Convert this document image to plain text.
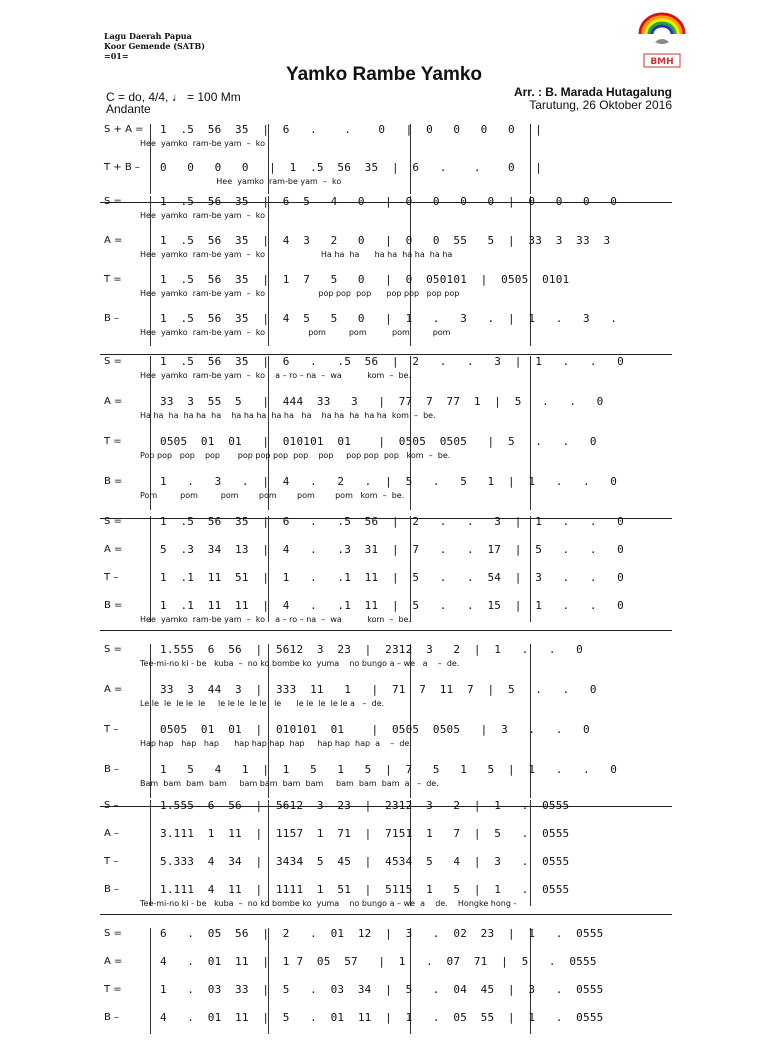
Lagu Daerah Papua
Koor Gemende (SATB)
=01=
BMH
Yamko Rambe Yamko
C = do, 4/4, ♩ = 100 Mm
Andante
Arr. : B. Marada Hutagalung
Tarutung, 26 Oktober 2016
S + A = 1  .5  56  35  |  6   .    .    0   |  0   0   0   0   |
Hee  yamko  ram-be yam  –  ko
T + B – 0   0   0   0   |  1  .5  56  35  |  6   .    .    0   |
Hee  yamko  ram-be yam  –  ko
S =	1  .5  56  35  |  6  5   4   0   |  0   0   0   0  |  0   0   0   0
Hee  yamko  ram-be yam  –  ko
A =	1  .5  56  35  |  4  3   2   0   |  0   0  55   5  |  33  3  33  3
Hee  yamko  ram-be yam  –  ko                      Ha ha  ha      ha ha  ha ha  ha ha
T =	1  .5  56  35  |  1  7   5   0   |  0  050101  |  0505  0101
Hee  yamko  ram-be yam  –  ko                     pop pop  pop      pop pop   pop pop
B –	1  .5  56  35  |  4  5   5   0   |  1   .   3   .  |  1   .   3   .
Hee  yamko  ram-be yam  –  ko                 pom         pom          pom         pom
S =	1  .5  56  35  |  6   .   .5  56  |  2   .   .   3  |  1   .   .   0
Hee  yamko  ram-be yam  –  ko    a – ro – na  –  wa          kom  –  be.
A =	33  3  55  5   |  444  33   3   |  77  7  77  1  |  5   .   .   0
Ha ha  ha  ha ha  ha    ha ha ha  ha ha   ha    ha ha  ha  ha ha  kom  –  be.
T =	0505  01  01   |  010101  01    |  0505  0505   |  5   .   .   0
Pop pop   pop    pop       pop pop pop  pop    pop     pop pop  pop   kom  –  be.
B =	1   .   3   .  |  4   .   2   .  |  5   .   5   1  |  1   .   .   0
Pom         pom         pom        pom        pom        pom   kom  –  be.
S =	1  .5  56  35  |  6   .   .5  56  |  2   .   .   3  |  1   .   .   0
A =	5  .3  34  13  |  4   .   .3  31  |  7   .   .  17  |  5   .   .   0
T –	1  .1  11  51  |  1   .   .1  11  |  5   .   .  54  |  3   .   .   0
B =	1  .1  11  11  |  4   .   .1  11  |  5   .   .  15  |  1   .   .   0
Hee  yamko  ram-be yam  –  ko    a – ro – na  –  wa          kom  –  be.
S =	1.555  6  56  |  5612  3  23  |  2312  3   2  |  1   .   .   0
Tee-mi-no ki - be   kuba  –  no ko bombe ko  yuma    no bungo a – we   a    –  de.
A =	33  3  44  3  |  333  11   1   |  71  7  11  7  |  5   .   .   0
Le le  le  le le  le     le le le  le le   le      le le  le  le le a   –  de.
T –	0505  01  01  |  010101  01    |  0505  0505   |  3   .   .   0
Hap hap   hap   hap      hap hap hap  hap     hap hap  hap  a    –  de.
B –	1   5   4   1  |  1   5   1   5  |  7   5   1   5  |  1   .   .   0
Bam  bam  bam  bam     bam bam  bam  bam     bam  bam  bam  a   –  de.
S –	1.555  6  56  |  5612  3  23  |  2312  3   2  |  1   .  0555
A –	3.111  1  11  |  1157  1  71  |  7151  1   7  |  5   .  0555
T –	5.333  4  34  |  3434  5  45  |  4534  5   4  |  3   .  0555
B –	1.111  4  11  |  1111  1  51  |  5115  1   5  |  1   .  0555
Tee-mi-no ki - be   kuba  –  no ko bombe ko  yuma    no bungo a – we  a    de.    Hongke hong -
S =	6   .  05  56  |  2   .  01  12  |  3   .  02  23  |  1   .  0555
A =	4   .  01  11  |  1 7  05  57   |  1   .  07  71  |  5   .  0555
T =	1   .  03  33  |  5   .  03  34  |  5   .  04  45  |  3   .  0555
B –	4   .  01  11  |  5   .  01  11  |  1   .  05  55  |  1   .  0555
